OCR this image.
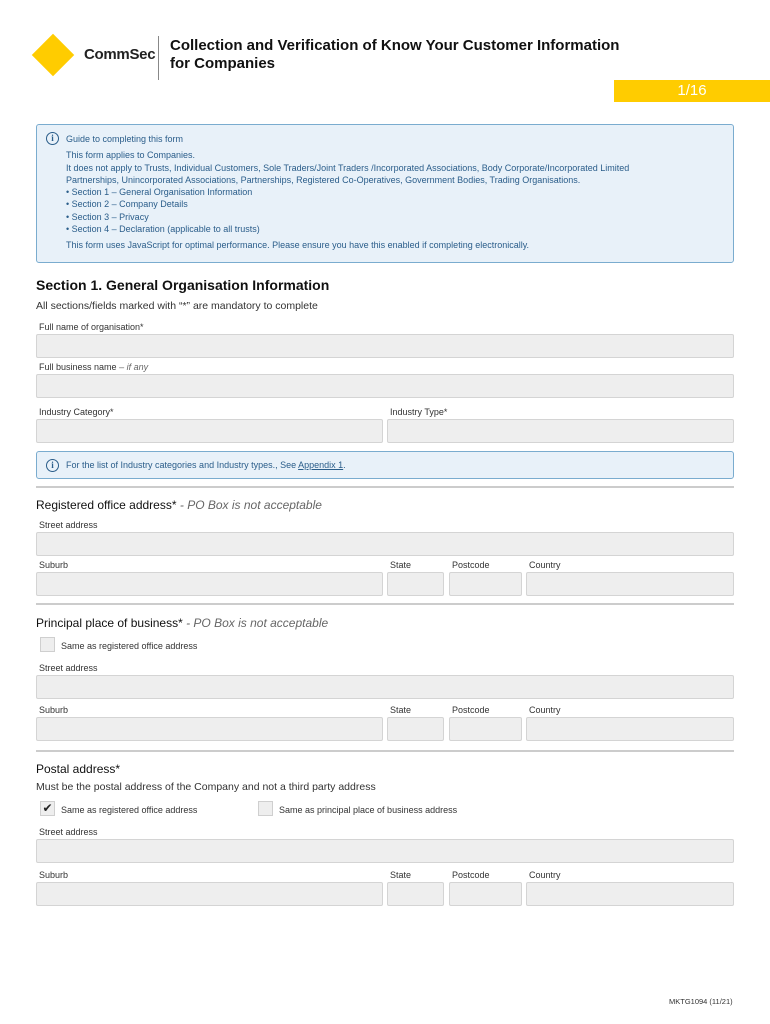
CommSec
Collection and Verification of Know Your Customer Information
for Companies
1/16
i	Guide to completing this form
This form applies to Companies.
It does not apply to Trusts, Individual Customers, Sole Traders/Joint Traders /Incorporated Associations, Body Corporate/Incorporated Limited
Partnerships, Unincorporated Associations, Partnerships, Registered Co-Operatives, Government Bodies, Trading Organisations.
• Section 1 – General Organisation Information
• Section 2 – Company Details
• Section 3 – Privacy
• Section 4 – Declaration (applicable to all trusts)
This form uses JavaScript for optimal performance. Please ensure you have this enabled if completing electronically.
Section 1. General Organisation Information
All sections/fields marked with “*” are mandatory to complete
Full name of organisation*
Full business name – if any
Industry Category*	Industry Type*
i	For the list of Industry categories and Industry types., See Appendix 1.
Registered office address* - PO Box is not acceptable
Street address
Suburb	State	Postcode	Country
Principal place of business* - PO Box is not acceptable
Same as registered office address
Street address
Suburb	State	Postcode	Country
Postal address*
Must be the postal address of the Company and not a third party address
✔ Same as registered office address	Same as principal place of business address
Street address
Suburb	State	Postcode	Country
MKTG1094 (11/21)
